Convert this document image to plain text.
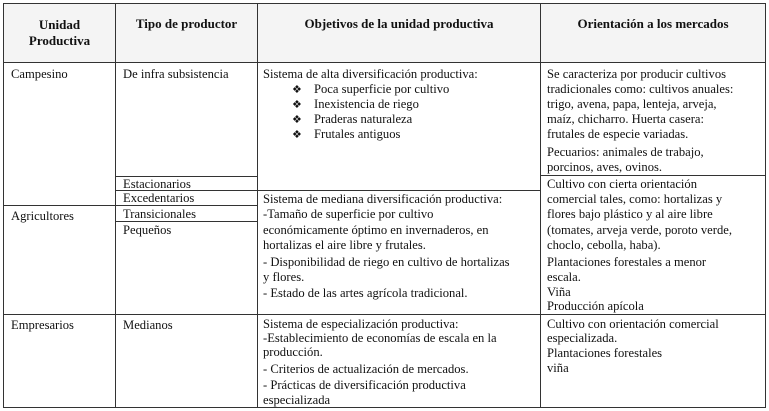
Unidad
Productiva
Tipo de productor	Objetivos de la unidad productiva	Orientación a los mercados
Campesino
Agricultores
Empresarios
De infra subsistencia
Estacionarios
Excedentarios
Transicionales
Pequeños
Medianos
Sistema de alta diversificación productiva:
❖ Poca superficie por cultivo
❖ Inexistencia de riego
❖ Praderas naturaleza
❖ Frutales antiguos
Sistema de mediana diversificación productiva:
-Tamaño de superficie por cultivo
económicamente óptimo en invernaderos, en
hortalizas el aire libre y frutales.
- Disponibilidad de riego en cultivo de hortalizas
y flores.
- Estado de las artes agrícola tradicional.
Sistema de especialización productiva:
-Establecimiento de economías de escala en la
producción.
- Criterios de actualización de mercados.
- Prácticas de diversificación productiva
especializada
Se caracteriza por producir cultivos
tradicionales como: cultivos anuales:
trigo, avena, papa, lenteja, arveja,
maíz, chicharro. Huerta casera:
frutales de especie variadas.
Pecuarios: animales de trabajo,
porcinos, aves, ovinos.
Cultivo con cierta orientación
comercial tales, como: hortalizas y
flores bajo plástico y al aire libre
(tomates, arveja verde, poroto verde,
choclo, cebolla, haba).
Plantaciones forestales a menor
escala.
Viña
Producción apícola
Cultivo con orientación comercial
especializada.
Plantaciones forestales
viña
